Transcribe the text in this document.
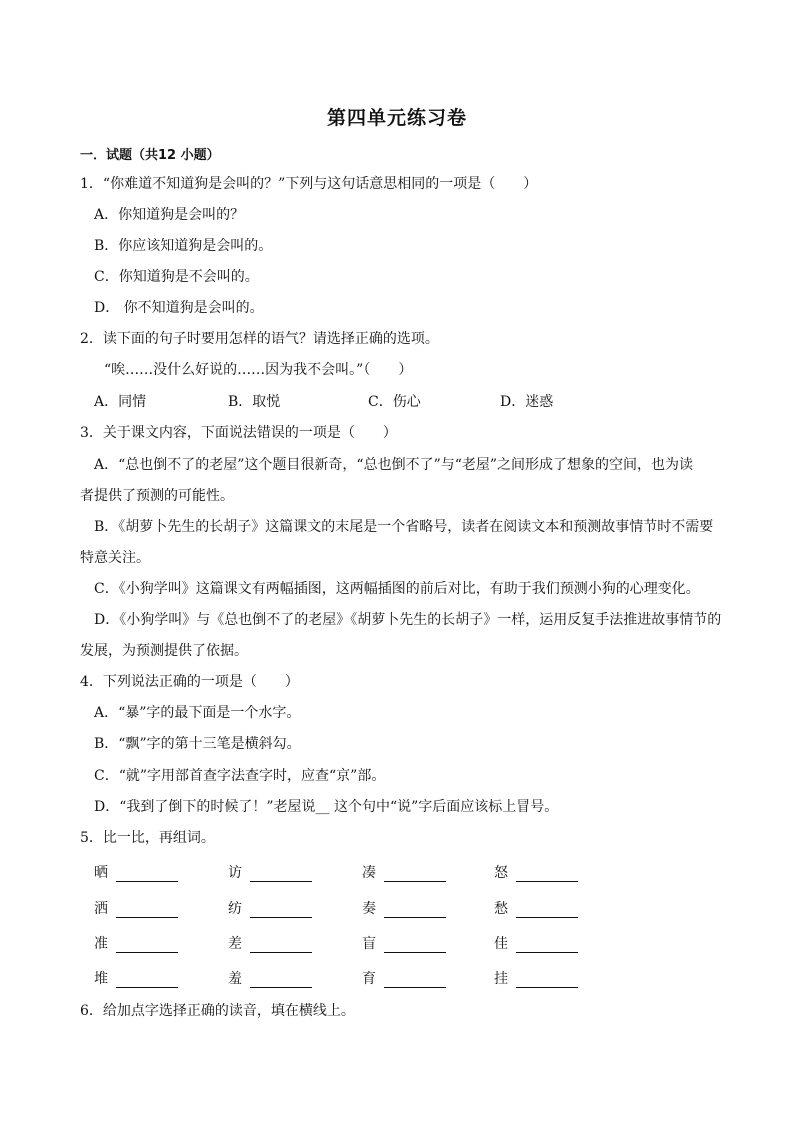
第四单元练习卷
一．试题（共12 小题）
1．“你难道不知道狗是会叫的？”下列与这句话意思相同的一项是（　　）
A．你知道狗是会叫的？
B．你应该知道狗是会叫的。
C．你知道狗是不会叫的。
D． 你不知道狗是会叫的。
2．读下面的句子时要用怎样的语气？请选择正确的选项。
“唉……没什么好说的……因为我不会叫。”（　　）
A．同情	B．取悦	C．伤心	D．迷惑
3．关于课文内容，下面说法错误的一项是（　　）
A．“总也倒不了的老屋”这个题目很新奇，“总也倒不了”与“老屋”之间形成了想象的空间，也为读
者提供了预测的可能性。
B．《胡萝卜先生的长胡子》这篇课文的末尾是一个省略号，读者在阅读文本和预测故事情节时不需要
特意关注。
C．《小狗学叫》这篇课文有两幅插图，这两幅插图的前后对比，有助于我们预测小狗的心理变化。
D．《小狗学叫》与《总也倒不了的老屋》《胡萝卜先生的长胡子》一样，运用反复手法推进故事情节的
发展，为预测提供了依据。
4．下列说法正确的一项是（　　）
A．“暴”字的最下面是一个水字。
B．“飘”字的第十三笔是横斜勾。
C．“就”字用部首查字法查字时，应查“京”部。
D．“我到了倒下的时候了！”老屋说__ 这个句中“说”字后面应该标上冒号。
5．比一比，再组词。
晒	访	凑	怒
洒	纺	奏	愁
准	差	盲	佳
堆	羞	育	挂
6．给加点字选择正确的读音，填在横线上。
